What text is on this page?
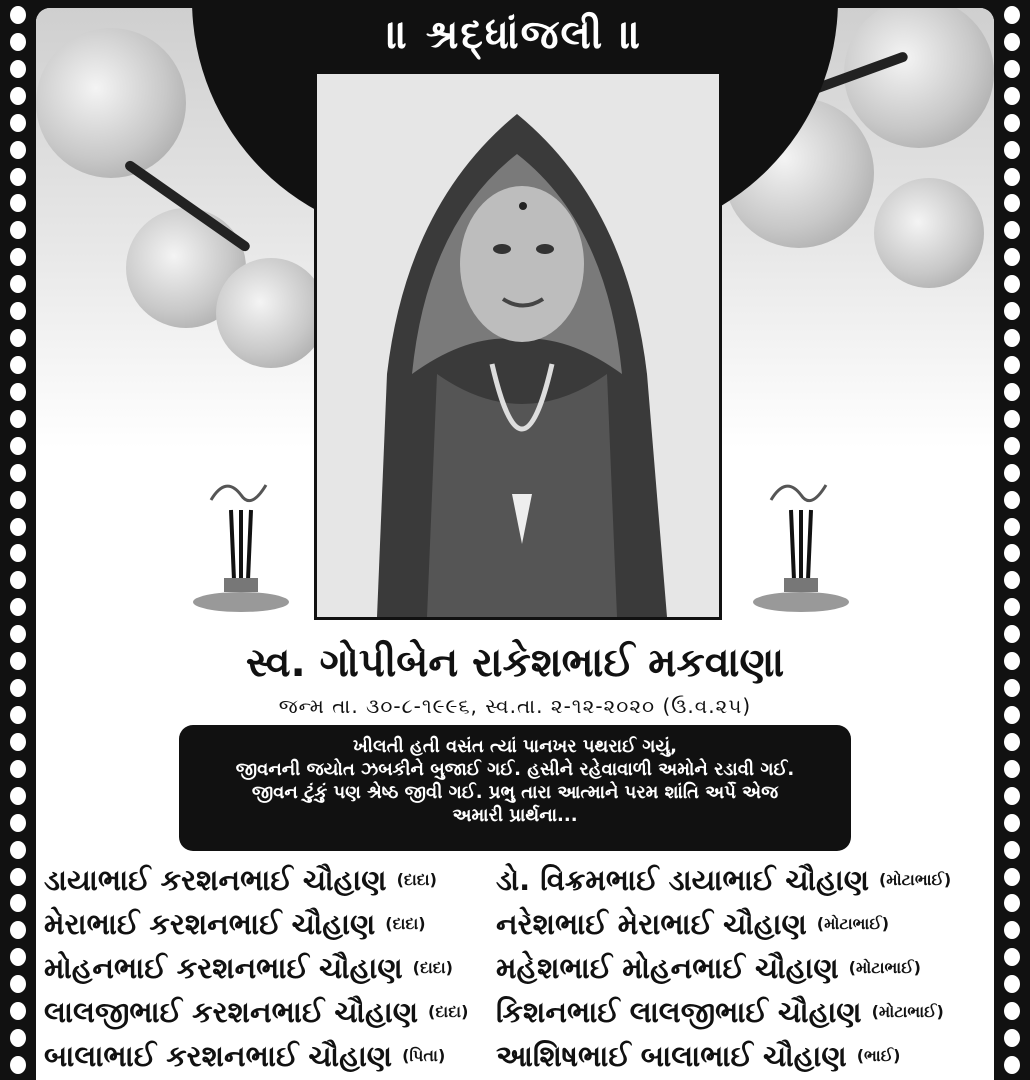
॥ શ્રદ્ધાંજલી ॥
સ્વ. ગોપીબેન રાકેશભાઈ મકવાણા
જન્મ તા. ૩૦-૮-૧૯૯૬, સ્વ.તા. ૨-૧૨-૨૦૨૦ (ઉ.વ.૨૫)
ખીલતી હતી વસંત ત્યાં પાનખર પથરાઈ ગયું,
જીવનની જયોત ઝબકીને બુજાઈ ગઈ. હસીને રહેવાવાળી અમોને રડાવી ગઈ.
જીવન ટુંકું પણ શ્રેષ્ઠ જીવી ગઈ. પ્રભુ તારા આત્માને પરમ શાંતિ અર્પે એજ
અમારી પ્રાર્થના...
ડાયાભાઈ કરશનભાઈ ચૌહાણ (દાદા) ડો. વિક્રમભાઈ ડાયાભાઈ ચૌહાણ (મોટાભાઈ)
મેરાભાઈ કરશનભાઈ ચૌહાણ (દાદા) નરેશભાઈ મેરાભાઈ ચૌહાણ (મોટાભાઈ)
મોહનભાઈ કરશનભાઈ ચૌહાણ (દાદા) મહેશભાઈ મોહનભાઈ ચૌહાણ (મોટાભાઈ)
લાલજીભાઈ કરશનભાઈ ચૌહાણ (દાદા) કિશનભાઈ લાલજીભાઈ ચૌહાણ (મોટાભાઈ)
બાલાભાઈ કરશનભાઈ ચૌહાણ (પિતા) આશિષભાઈ બાલાભાઈ ચૌહાણ (ભાઈ)
